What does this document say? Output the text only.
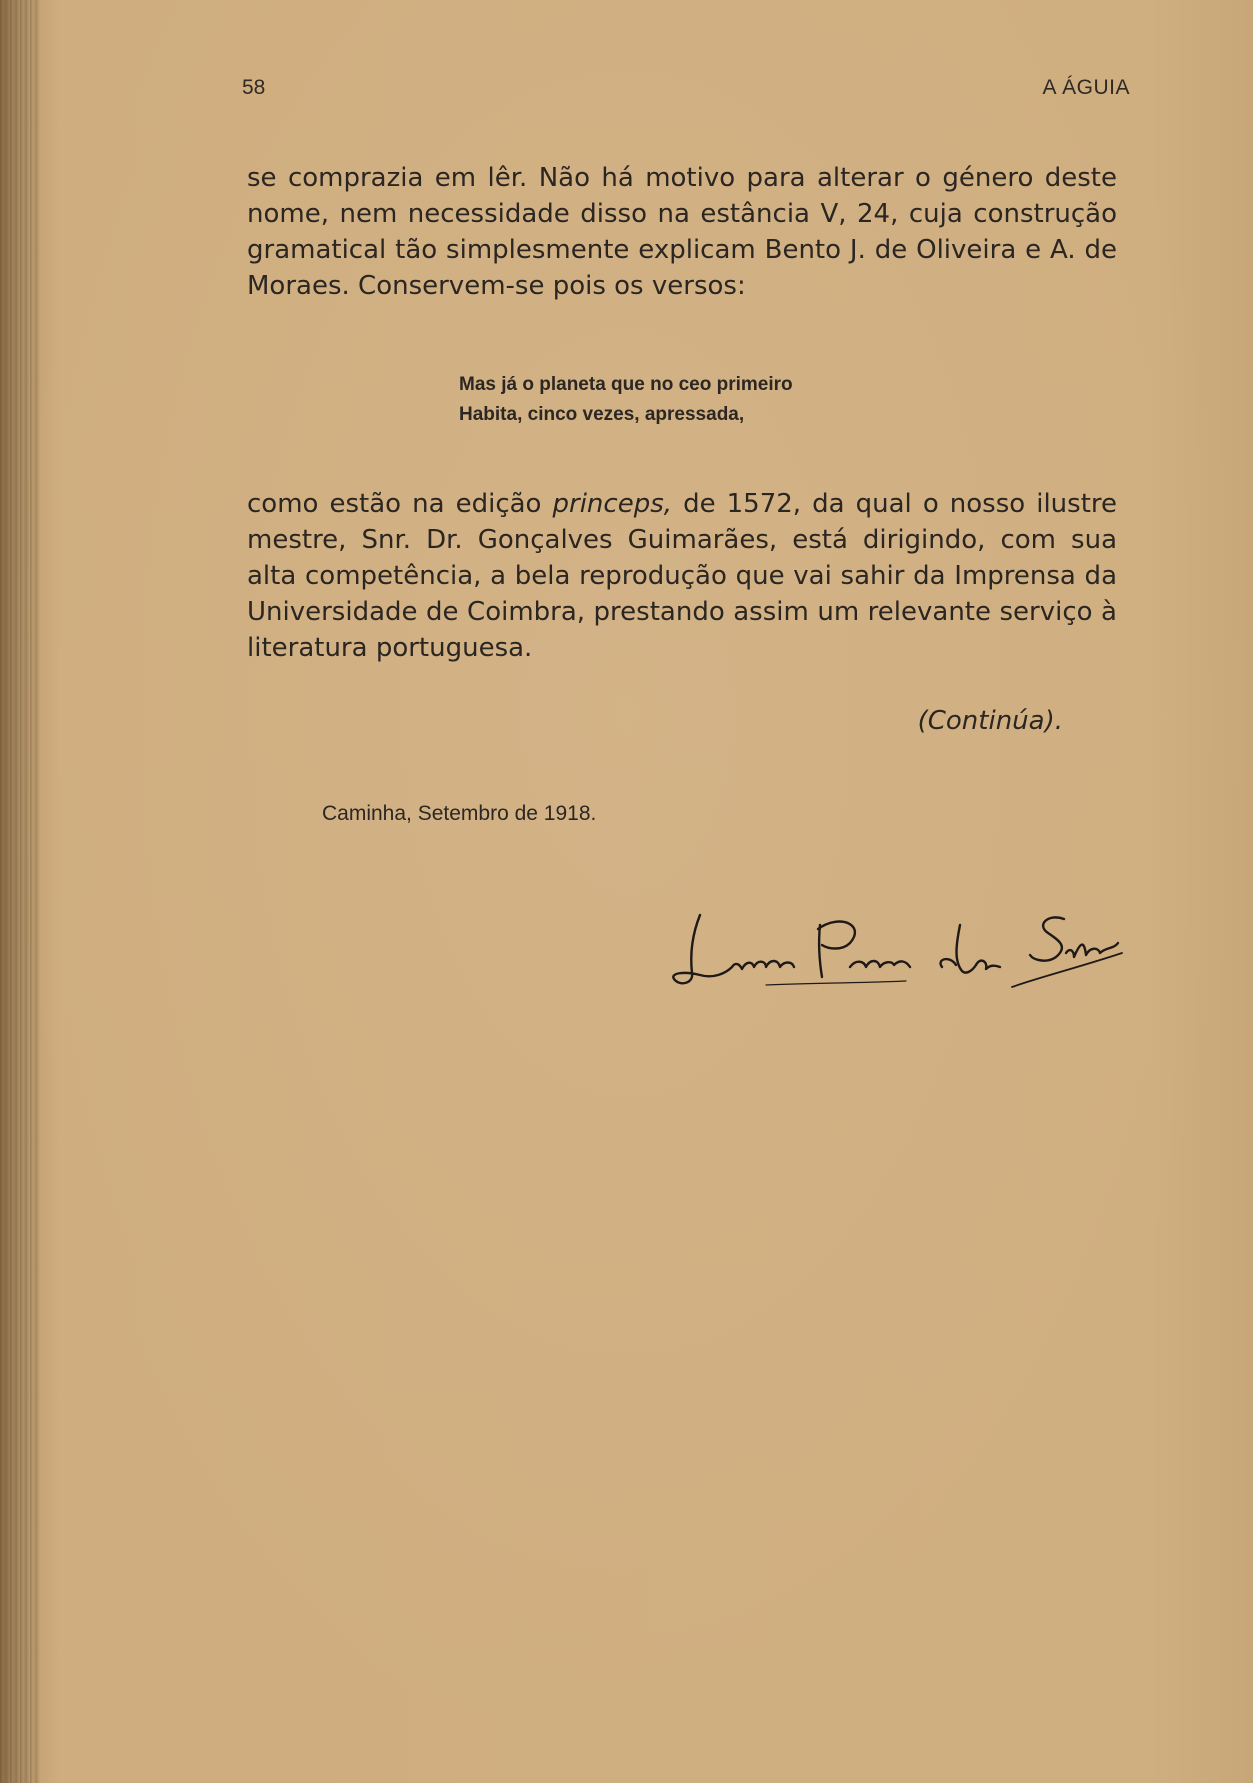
58	A ÁGUIA

se comprazia em lêr. Não há motivo para alterar o género deste nome, nem necessidade disso na estância V, 24, cuja construção gramatical tão simplesmente explicam Bento J. de Oliveira e A. de Moraes. Conservem-se pois os versos:

Mas já o planeta que no ceo primeiro
Habita, cinco vezes, apressada,

como estão na edição princeps, de 1572, da qual o nosso ilustre mestre, Snr. Dr. Gonçalves Guimarães, está dirigindo, com sua alta competência, a bela reprodução que vai sahir da Imprensa da Universidade de Coimbra, prestando assim um relevante serviço à literatura portuguesa.

(Continúa).
Caminha, Setembro de 1918.
